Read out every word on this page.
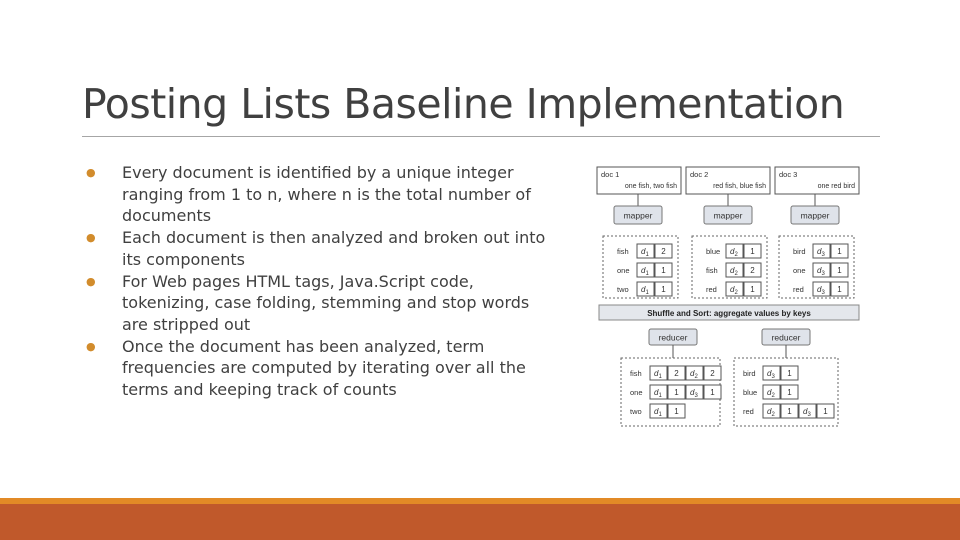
Posting Lists Baseline Implementation
● Every document is identified by a unique integer ranging from 1 to n, where n is the total number of documents
● Each document is then analyzed and broken out into its components
● For Web pages HTML tags, Java.Script code, tokenizing, case folding, stemming and stop words are stripped out
● Once the document has been analyzed, term frequencies are computed by iterating over all the terms and keeping track of counts
doc 1
one fish, two fish
doc 2
red fish, blue fish
doc 3
one red bird
mapper	mapper	mapper
fish $d_1$ 2
one $d_1$ 1
two $d_1$ 1
blue $d_2$ 1
fish $d_2$ 2
red $d_2$ 1
bird $d_3$ 1
one $d_3$ 1
red $d_3$ 1
Shuffle and Sort: aggregate values by keys
reducer	reducer
fish $d_1$ 2 $d_2$ 2
one $d_1$ 1 $d_3$ 1
two $d_1$ 1
bird $d_3$ 1
blue $d_2$ 1
red $d_2$ 1 $d_3$ 1
